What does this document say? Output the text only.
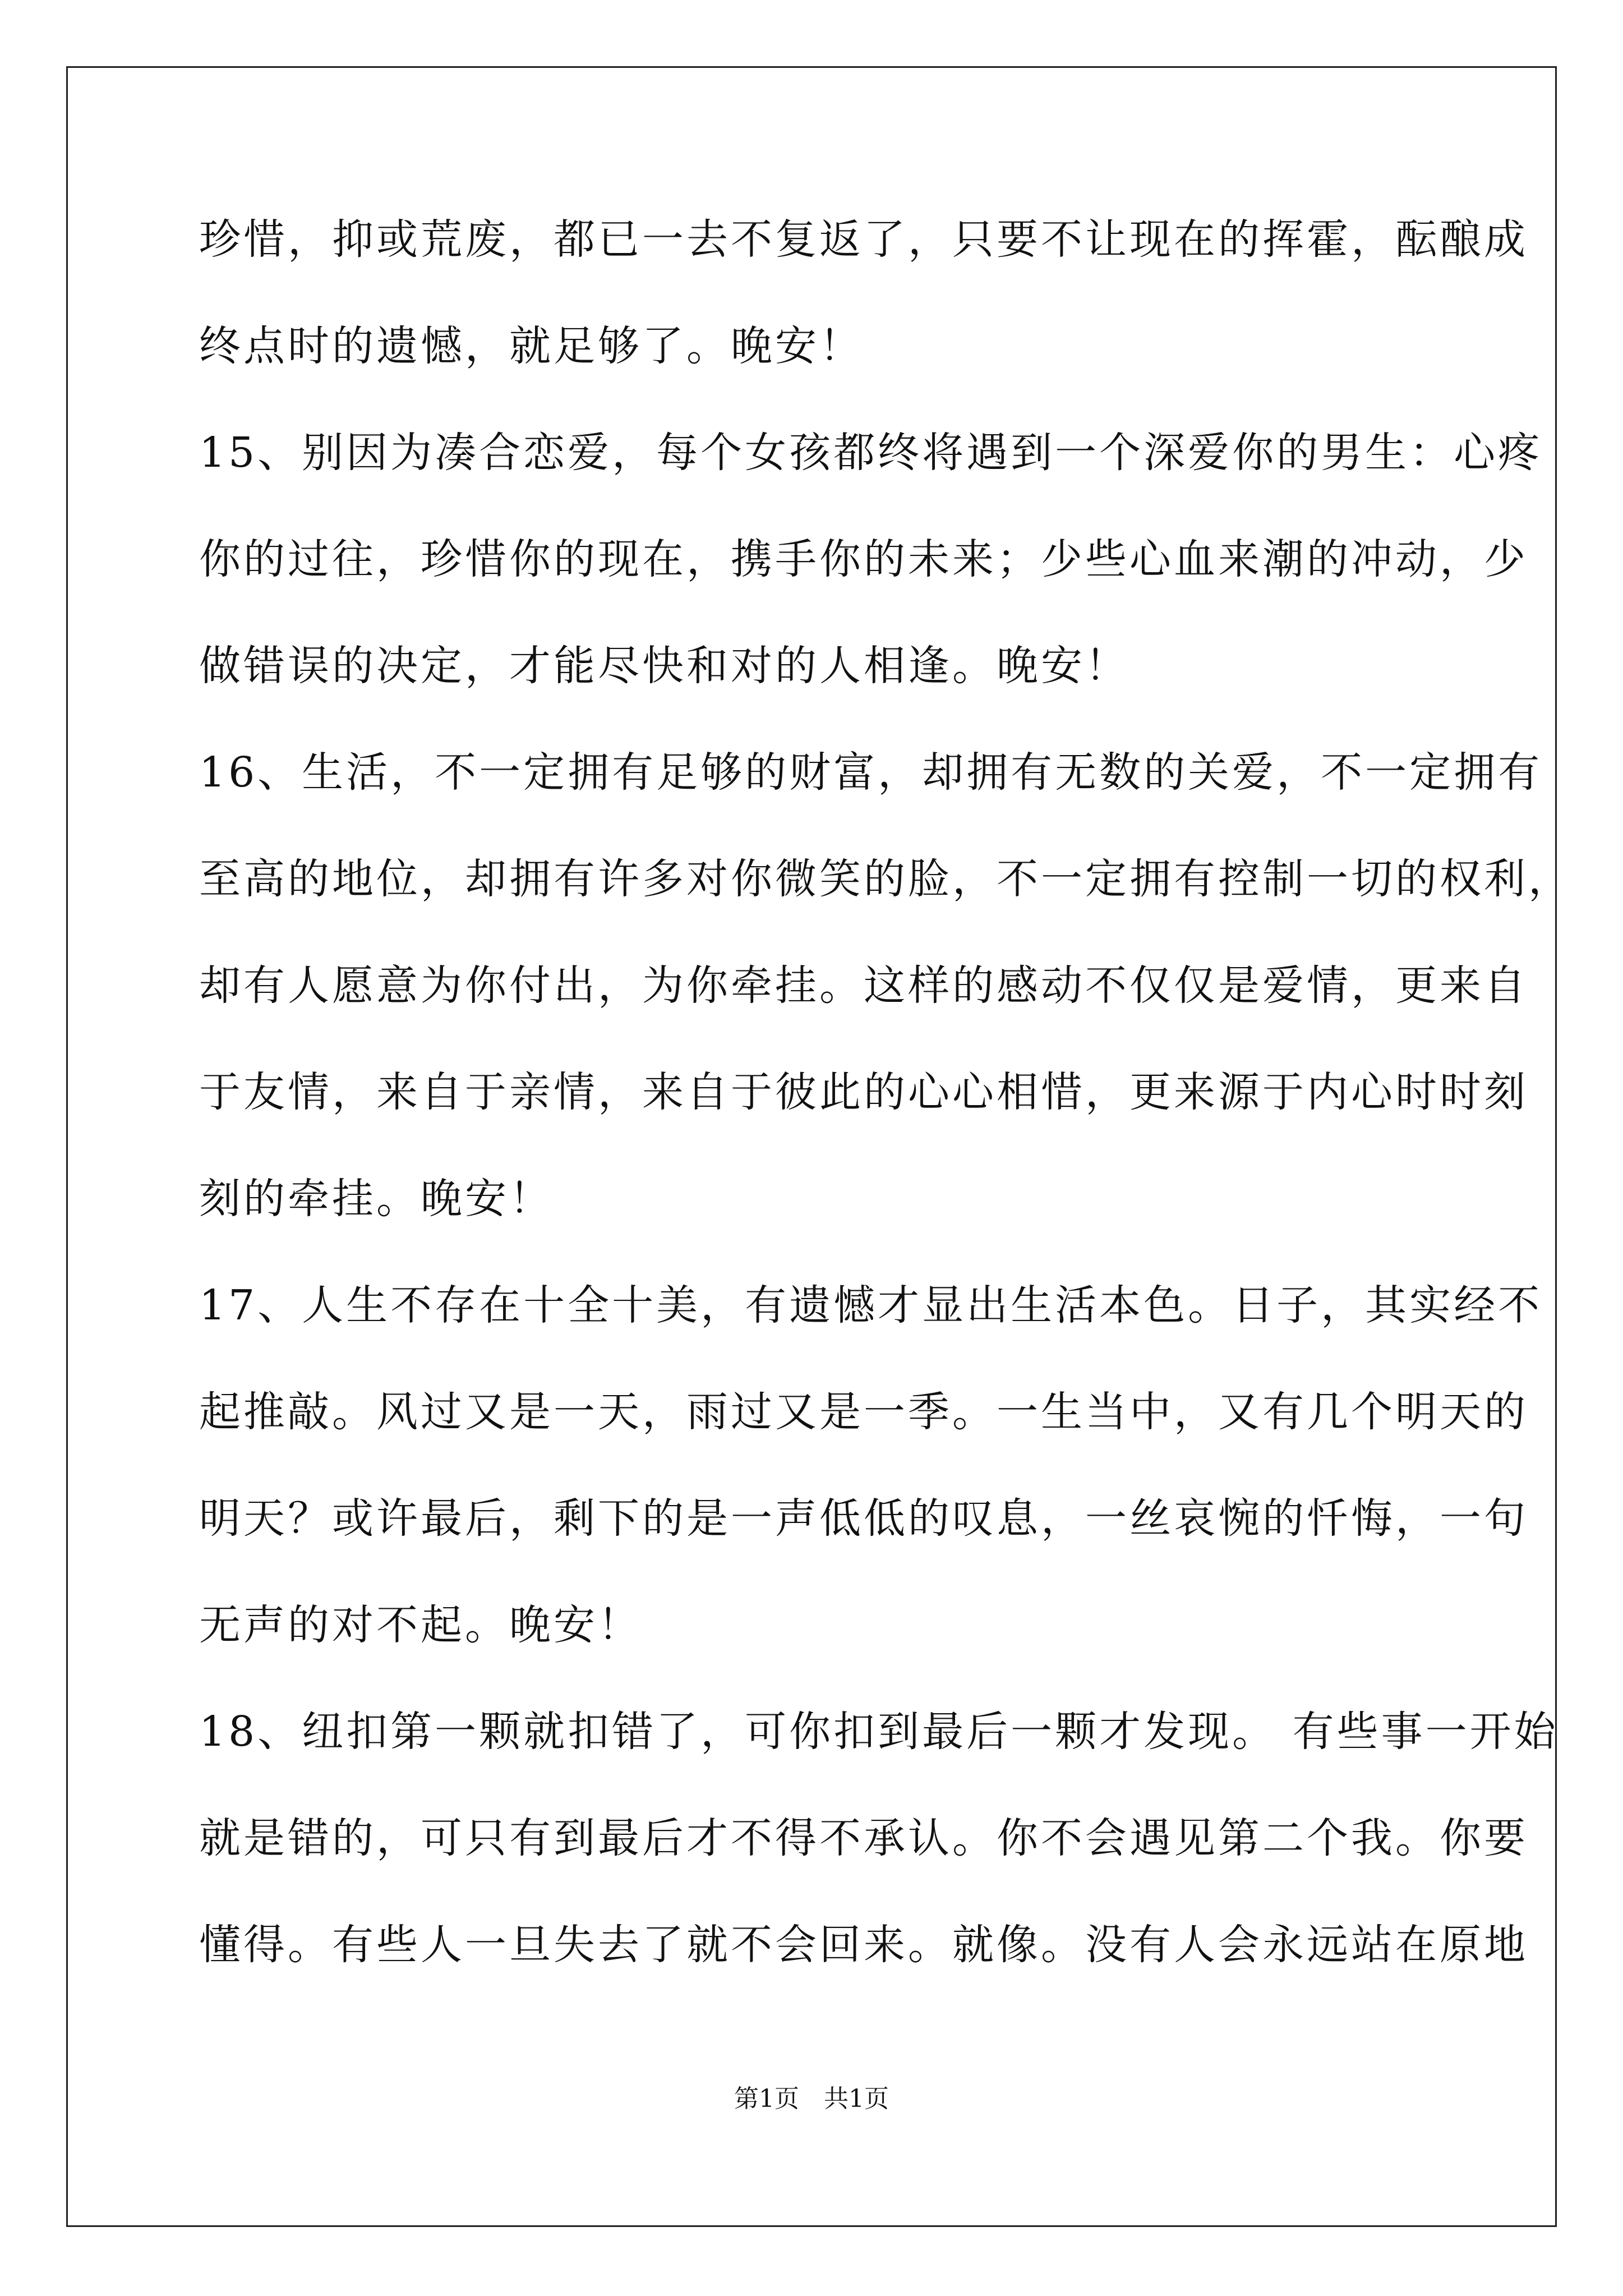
珍惜，抑或荒废，都已一去不复返了，只要不让现在的挥霍，酝酿成
终点时的遗憾，就足够了。晚安！
15、别因为凑合恋爱，每个女孩都终将遇到一个深爱你的男生：心疼
你的过往，珍惜你的现在，携手你的未来；少些心血来潮的冲动，少
做错误的决定，才能尽快和对的人相逢。晚安！
16、生活，不一定拥有足够的财富，却拥有无数的关爱，不一定拥有
至高的地位，却拥有许多对你微笑的脸，不一定拥有控制一切的权利，
却有人愿意为你付出，为你牵挂。这样的感动不仅仅是爱情，更来自
于友情，来自于亲情，来自于彼此的心心相惜，更来源于内心时时刻
刻的牵挂。晚安！
17、人生不存在十全十美，有遗憾才显出生活本色。日子，其实经不
起推敲。风过又是一天，雨过又是一季。一生当中，又有几个明天的
明天？或许最后，剩下的是一声低低的叹息，一丝哀惋的忏悔，一句
无声的对不起。晚安！
18、纽扣第一颗就扣错了，可你扣到最后一颗才发现。 有些事一开始
就是错的，可只有到最后才不得不承认。你不会遇见第二个我。你要
懂得。有些人一旦失去了就不会回来。就像。没有人会永远站在原地
第1页　共1页
